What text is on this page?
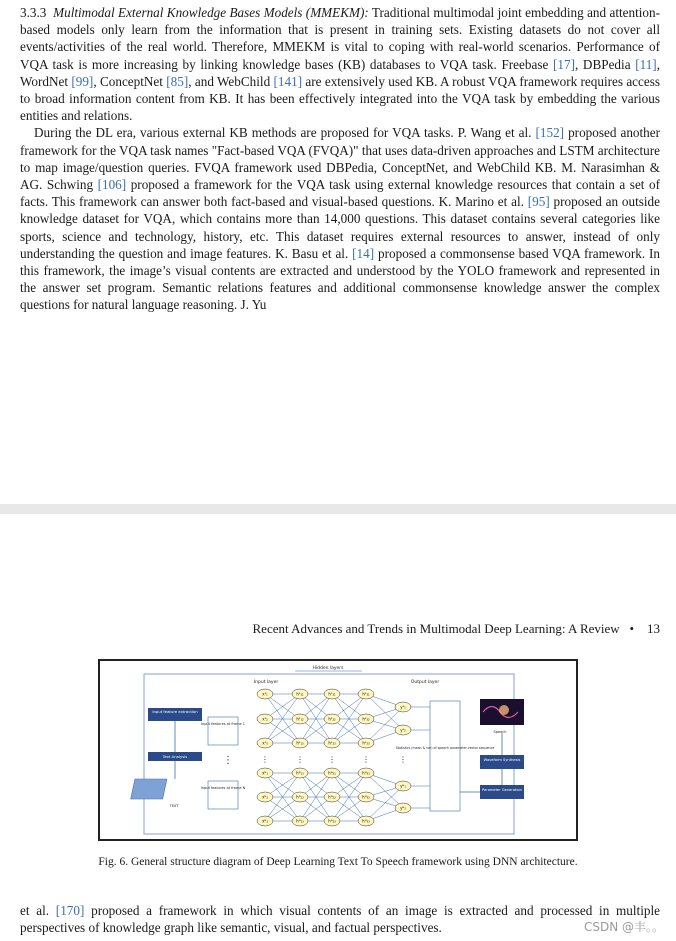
3.3.3 Multimodal External Knowledge Bases Models (MMEKM): Traditional multimodal joint embedding and attention-based models only learn from the information that is present in training sets. Existing datasets do not cover all events/activities of the real world. Therefore, MMEKM is vital to coping with real-world scenarios. Performance of VQA task is more increasing by linking knowledge bases (KB) databases to VQA task. Freebase [17], DBPedia [11], WordNet [99], ConceptNet [85], and WebChild [141] are extensively used KB. A robust VQA framework requires access to broad information content from KB. It has been effectively integrated into the VQA task by embedding the various entities and relations.
During the DL era, various external KB methods are proposed for VQA tasks. P. Wang et al. [152] proposed another framework for the VQA task names "Fact-based VQA (FVQA)" that uses data-driven approaches and LSTM architecture to map image/question queries. FVQA framework used DBPedia, ConceptNet, and WebChild KB. M. Narasimhan & AG. Schwing [106] proposed a framework for the VQA task using external knowledge resources that contain a set of facts. This framework can answer both fact-based and visual-based questions. K. Marino et al. [95] proposed an outside knowledge dataset for VQA, which contains more than 14,000 questions. This dataset contains several categories like sports, science and technology, history, etc. This dataset requires external resources to answer, instead of only understanding the question and image features. K. Basu et al. [14] proposed a commonsense based VQA framework. In this framework, the image’s visual contents are extracted and understood by the YOLO framework and represented in the answer set program. Semantic relations features and additional commonsense knowledge answer the complex questions for natural language reasoning. J. Yu
Recent Advances and Trends in Multimodal Deep Learning: A Review • 13
Hidden layers
Input layer	Output layer
Input feature extraction
Text Analysis
TEXT
Input features at frame 1
Input features at frame N
⋮
x¹₁
x¹₂
x¹₃
h¹₁₁
h¹₁₂
h¹₁₃
h¹₂₁
h¹₂₂
h¹₂₃
h¹₃₁
h¹₃₂
h¹₃₃
y¹₁
y¹₂
xᴺ₁
xᴺ₂
xᴺ₃
hᴺ₁₁
hᴺ₁₂
hᴺ₁₃
hᴺ₂₁
hᴺ₂₂
hᴺ₂₃
hᴺ₃₁
hᴺ₃₂
hᴺ₃₃
yᴺ₁
yᴺ₂
⋮	⋮	⋮	⋮	⋮
Statistics (mean & var) of speech parameter vector sequence
Speech
Waveform Synthesis
Parameter Generation
Fig. 6. General structure diagram of Deep Learning Text To Speech framework using DNN architecture.
et al. [170] proposed a framework in which visual contents of an image is extracted and processed in multiple perspectives of knowledge graph like semantic, visual, and factual perspectives.	CSDN @丰。。
